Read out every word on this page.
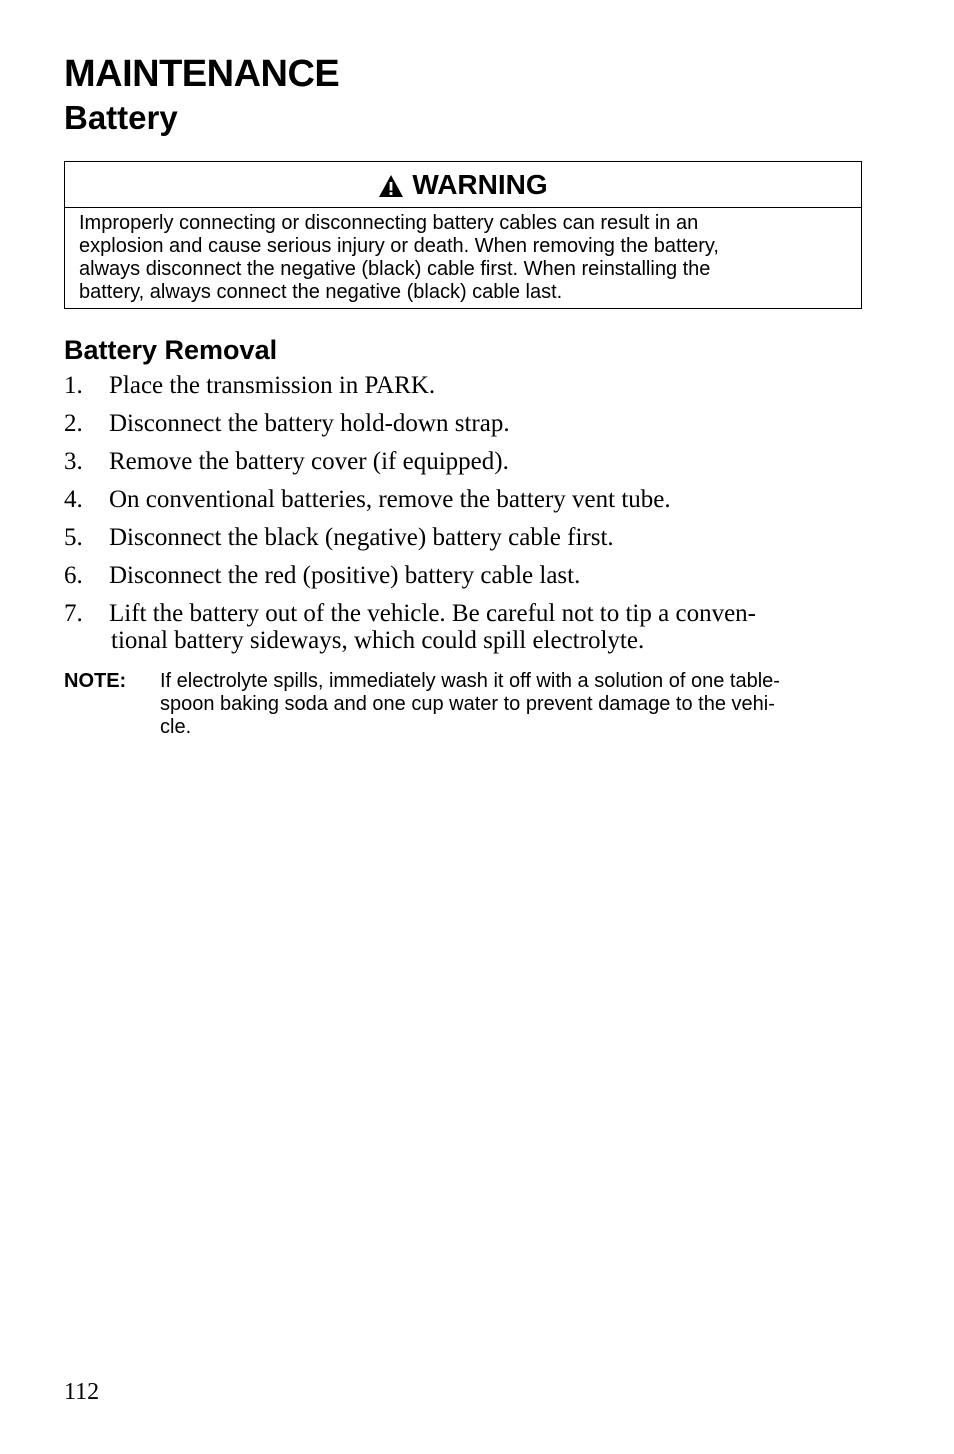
MAINTENANCE
Battery
WARNING
Improperly connecting or disconnecting battery cables can result in an
explosion and cause serious injury or death. When removing the battery,
always disconnect the negative (black) cable first. When reinstalling the
battery, always connect the negative (black) cable last.
Battery Removal
1.	Place the transmission in PARK.
2.	Disconnect the battery hold-down strap.
3.	Remove the battery cover (if equipped).
4.	On conventional batteries, remove the battery vent tube.
5.	Disconnect the black (negative) battery cable first.
6.	Disconnect the red (positive) battery cable last.
7.	Lift the battery out of the vehicle. Be careful not to tip a conven-
tional battery sideways, which could spill electrolyte.
NOTE:	If electrolyte spills, immediately wash it off with a solution of one table-
spoon baking soda and one cup water to prevent damage to the vehi-
cle.
112
